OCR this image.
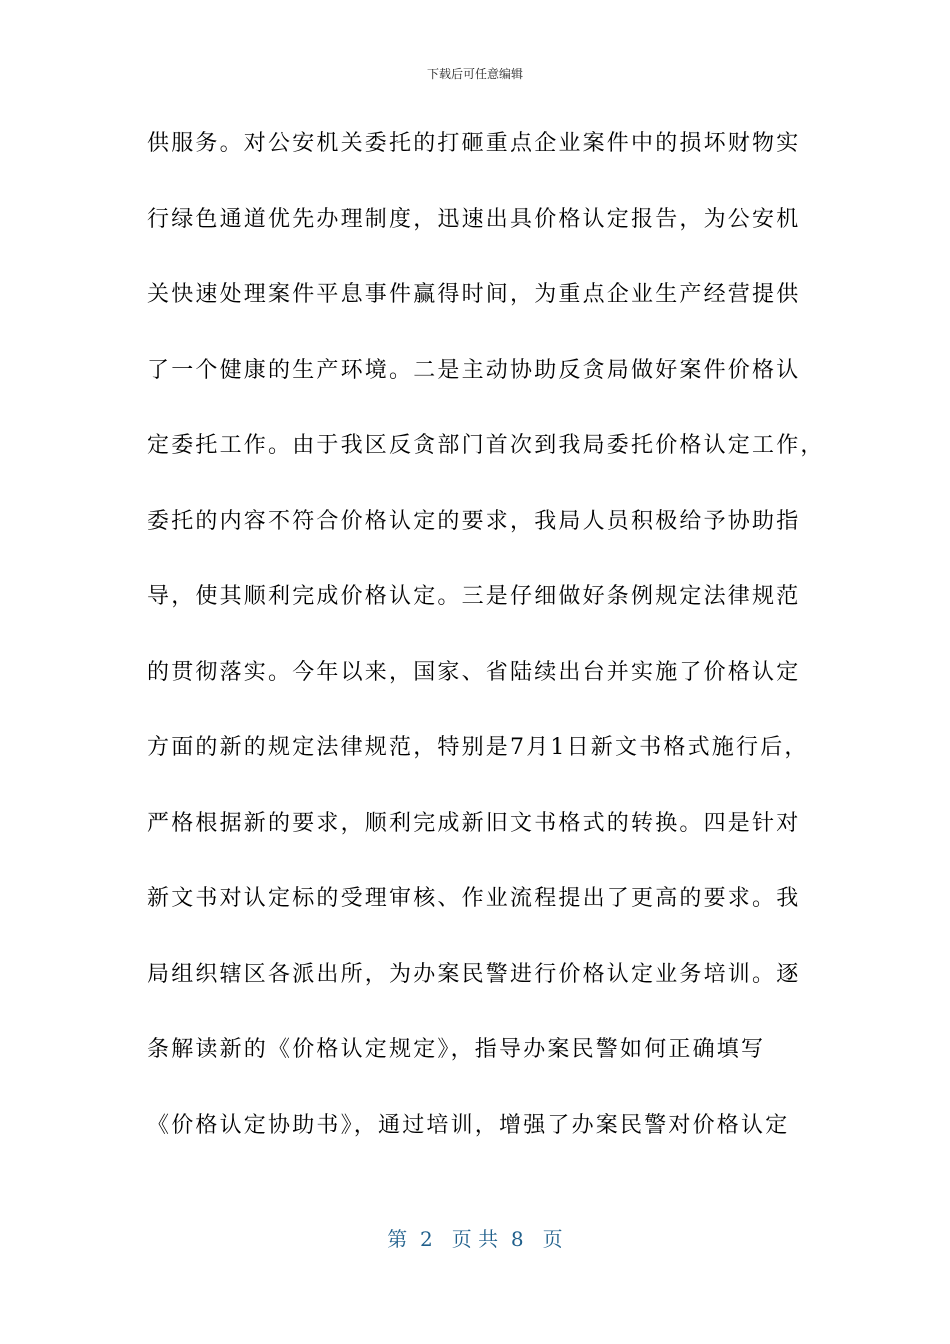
下载后可任意编辑
供服务。对公安机关委托的打砸重点企业案件中的损坏财物实
行绿色通道优先办理制度，迅速出具价格认定报告，为公安机
关快速处理案件平息事件赢得时间，为重点企业生产经营提供
了一个健康的生产环境。二是主动协助反贪局做好案件价格认
定委托工作。由于我区反贪部门首次到我局委托价格认定工作，
委托的内容不符合价格认定的要求，我局人员积极给予协助指
导，使其顺利完成价格认定。三是仔细做好条例规定法律规范
的贯彻落实。今年以来，国家、省陆续出台并实施了价格认定
方面的新的规定法律规范，特别是7月1日新文书格式施行后，
严格根据新的要求，顺利完成新旧文书格式的转换。四是针对
新文书对认定标的受理审核、作业流程提出了更高的要求。我
局组织辖区各派出所，为办案民警进行价格认定业务培训。逐
条解读新的《价格认定规定》，指导办案民警如何正确填写
《价格认定协助书》，通过培训，增强了办案民警对价格认定
第  2   页 共  8   页
